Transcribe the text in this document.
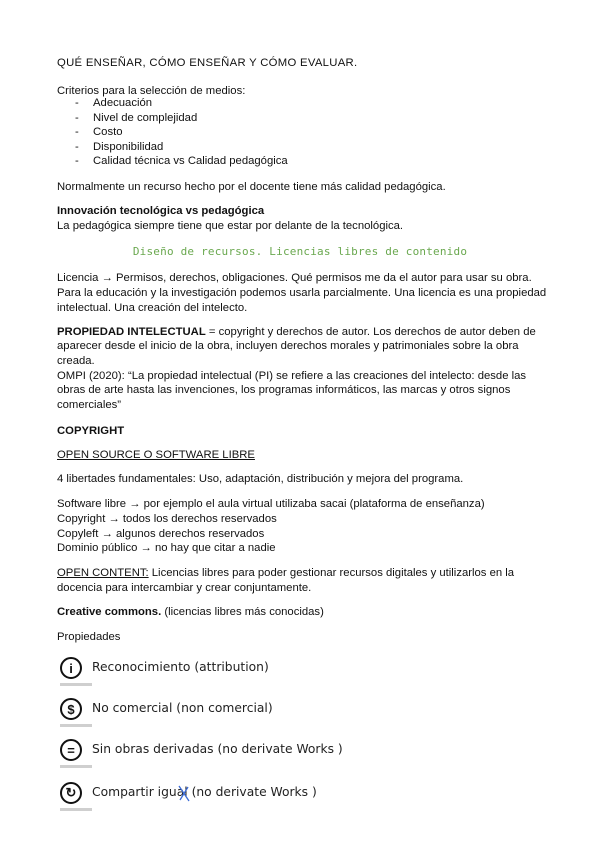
QUÉ ENSEÑAR, CÓMO ENSEÑAR Y CÓMO EVALUAR.
Criterios para la selección de medios:
- Adecuación
- Nivel de complejidad
- Costo
- Disponibilidad
- Calidad técnica vs Calidad pedagógica
Normalmente un recurso hecho por el docente tiene más calidad pedagógica.
Innovación tecnológica vs pedagógica
La pedagógica siempre tiene que estar por delante de la tecnológica.
Diseño de recursos. Licencias libres de contenido
Licencia → Permisos, derechos, obligaciones. Qué permisos me da el autor para usar su obra.
Para la educación y la investigación podemos usarla parcialmente. Una licencia es una propiedad
intelectual. Una creación del intelecto.
PROPIEDAD INTELECTUAL = copyright y derechos de autor. Los derechos de autor deben de
aparecer desde el inicio de la obra, incluyen derechos morales y patrimoniales sobre la obra
creada.
OMPI (2020): “La propiedad intelectual (PI) se refiere a las creaciones del intelecto: desde las
obras de arte hasta las invenciones, los programas informáticos, las marcas y otros signos
comerciales”
COPYRIGHT
OPEN SOURCE O SOFTWARE LIBRE
4 libertades fundamentales: Uso, adaptación, distribución y mejora del programa.
Software libre → por ejemplo el aula virtual utilizaba sacai (plataforma de enseñanza)
Copyright → todos los derechos reservados
Copyleft → algunos derechos reservados
Dominio público → no hay que citar a nadie
OPEN CONTENT: Licencias libres para poder gestionar recursos digitales y utilizarlos en la
docencia para intercambiar y crear conjuntamente.
Creative commons. (licencias libres más conocidas)
Propiedades
i	Reconocimiento (attribution)
$	No comercial (non comercial)
=	Sin obras derivadas (no derivate Works )
↻	Compartir igual (no derivate Works )
